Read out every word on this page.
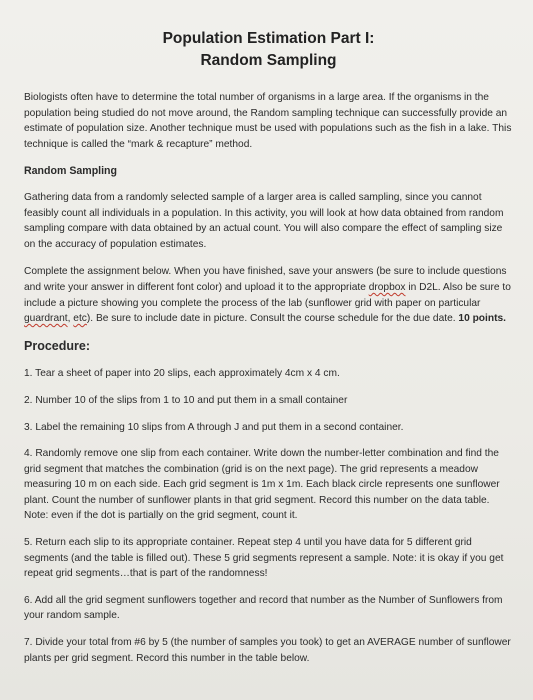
Population Estimation Part I:
Random Sampling

Biologists often have to determine the total number of organisms in a large area. If the organisms in the population being studied do not move around, the Random sampling technique can successfully provide an estimate of population size. Another technique must be used with populations such as the fish in a lake. This technique is called the “mark & recapture” method.

Random Sampling

Gathering data from a randomly selected sample of a larger area is called sampling, since you cannot feasibly count all individuals in a population. In this activity, you will look at how data obtained from random sampling compare with data obtained by an actual count. You will also compare the effect of sampling size on the accuracy of population estimates.

Complete the assignment below. When you have finished, save your answers (be sure to include questions and write your answer in different font color) and upload it to the appropriate dropbox in D2L. Also be sure to include a picture showing you complete the process of the lab (sunflower grid with paper on particular guardrant, etc). Be sure to include date in picture. Consult the course schedule for the due date. 10 points.

Procedure:

1. Tear a sheet of paper into 20 slips, each approximately 4cm x 4 cm.
2. Number 10 of the slips from 1 to 10 and put them in a small container
3. Label the remaining 10 slips from A through J and put them in a second container.
4. Randomly remove one slip from each container. Write down the number-letter combination and find the grid segment that matches the combination (grid is on the next page). The grid represents a meadow measuring 10 m on each side. Each grid segment is 1m x 1m. Each black circle represents one sunflower plant. Count the number of sunflower plants in that grid segment. Record this number on the data table. Note: even if the dot is partially on the grid segment, count it.
5. Return each slip to its appropriate container. Repeat step 4 until you have data for 5 different grid segments (and the table is filled out). These 5 grid segments represent a sample. Note: it is okay if you get repeat grid segments…that is part of the randomness!
6. Add all the grid segment sunflowers together and record that number as the Number of Sunflowers from your random sample.
7. Divide your total from #6 by 5 (the number of samples you took) to get an AVERAGE number of sunflower plants per grid segment. Record this number in the table below.
